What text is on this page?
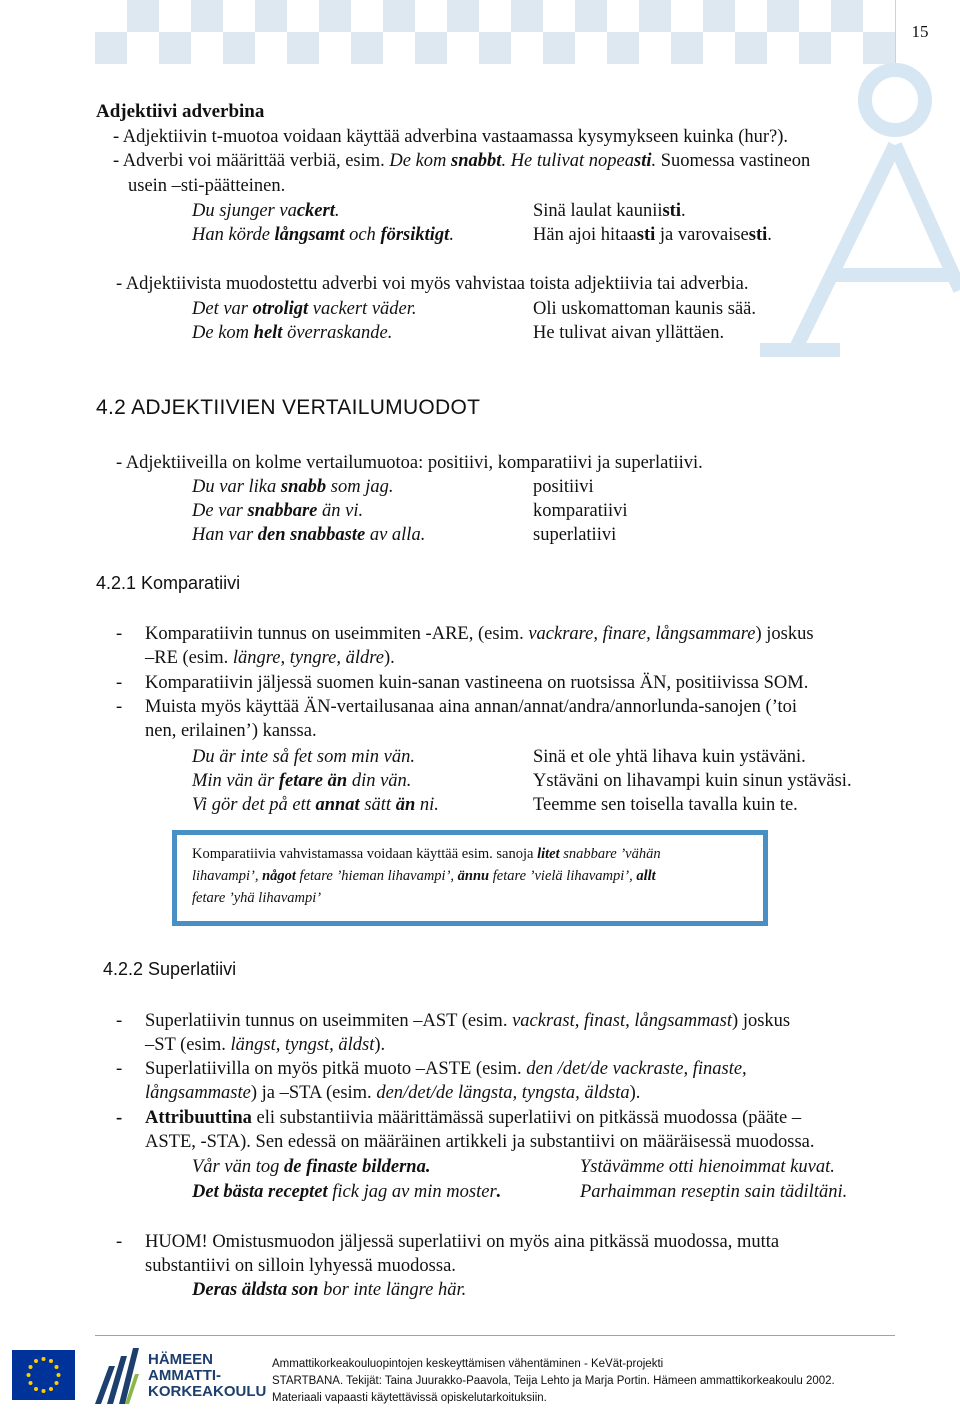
15
Adjektiivi adverbina
- Adjektiivin t-muotoa voidaan käyttää adverbina vastaamassa kysymykseen kuinka (hur?).
- Adverbi voi määrittää verbiä, esim. De kom snabbt. He tulivat nopeasti. Suomessa vastineon
usein –sti-päätteinen.
Du sjunger vackert.	Sinä laulat kauniisti.
Han körde långsamt och försiktigt.	Hän ajoi hitaasti ja varovaisesti.
- Adjektiivista muodostettu adverbi voi myös vahvistaa toista adjektiivia tai adverbia.
Det var otroligt vackert väder.	Oli uskomattoman kaunis sää.
De kom helt överraskande.	He tulivat aivan yllättäen.
4.2 ADJEKTIIVIEN VERTAILUMUODOT
- Adjektiiveilla on kolme vertailumuotoa: positiivi, komparatiivi ja superlatiivi.
Du var lika snabb som jag.	positiivi
De var snabbare än vi.	komparatiivi
Han var den snabbaste av alla.	superlatiivi
4.2.1 Komparatiivi
- Komparatiivin tunnus on useimmiten -ARE, (esim. vackrare, finare, långsammare) joskus
–RE (esim. längre, tyngre, äldre).
- Komparatiivin jäljessä suomen kuin-sanan vastineena on ruotsissa ÄN, positiivissa SOM.
- Muista myös käyttää ÄN-vertailusanaa aina annan/annat/andra/annorlunda-sanojen (’toi
nen, erilainen’) kanssa.
Du är inte så fet som min vän.	Sinä et ole yhtä lihava kuin ystäväni.
Min vän är fetare än din vän.	Ystäväni on lihavampi kuin sinun ystäväsi.
Vi gör det på ett annat sätt än ni.	Teemme sen toisella tavalla kuin te.
Komparatiivia vahvistamassa voidaan käyttää esim. sanoja litet snabbare ’vähän
lihavampi’, något fetare ’hieman lihavampi’, ännu fetare ’vielä lihavampi’, allt
fetare ’yhä lihavampi’
4.2.2 Superlatiivi
- Superlatiivin tunnus on useimmiten –AST (esim. vackrast, finast, långsammast) joskus
–ST (esim. längst, tyngst, äldst).
- Superlatiivilla on myös pitkä muoto –ASTE (esim. den /det/de vackraste, finaste,
långsammaste) ja –STA (esim. den/det/de längsta, tyngsta, äldsta).
- Attribuuttina eli substantiivia määrittämässä superlatiivi on pitkässä muodossa (pääte –
ASTE, -STA). Sen edessä on määräinen artikkeli ja substantiivi on määräisessä muodossa.
Vår vän tog de finaste bilderna.	Ystävämme otti hienoimmat kuvat.
Det bästa receptet fick jag av min moster.	Parhaimman reseptin sain tädiltäni.
- HUOM! Omistusmuodon jäljessä superlatiivi on myös aina pitkässä muodossa, mutta
substantiivi on silloin lyhyessä muodossa.
Deras äldsta son bor inte längre här.
HÄMEEN
AMMATTI-
KORKEAKOULU
Ammattikorkeakouluopintojen keskeyttämisen vähentäminen - KeVät-projekti
STARTBANA. Tekijät: Taina Juurakko-Paavola, Teija Lehto ja Marja Portin. Hämeen ammattikorkeakoulu 2002.
Materiaali vapaasti käytettävissä opiskelutarkoituksiin.
